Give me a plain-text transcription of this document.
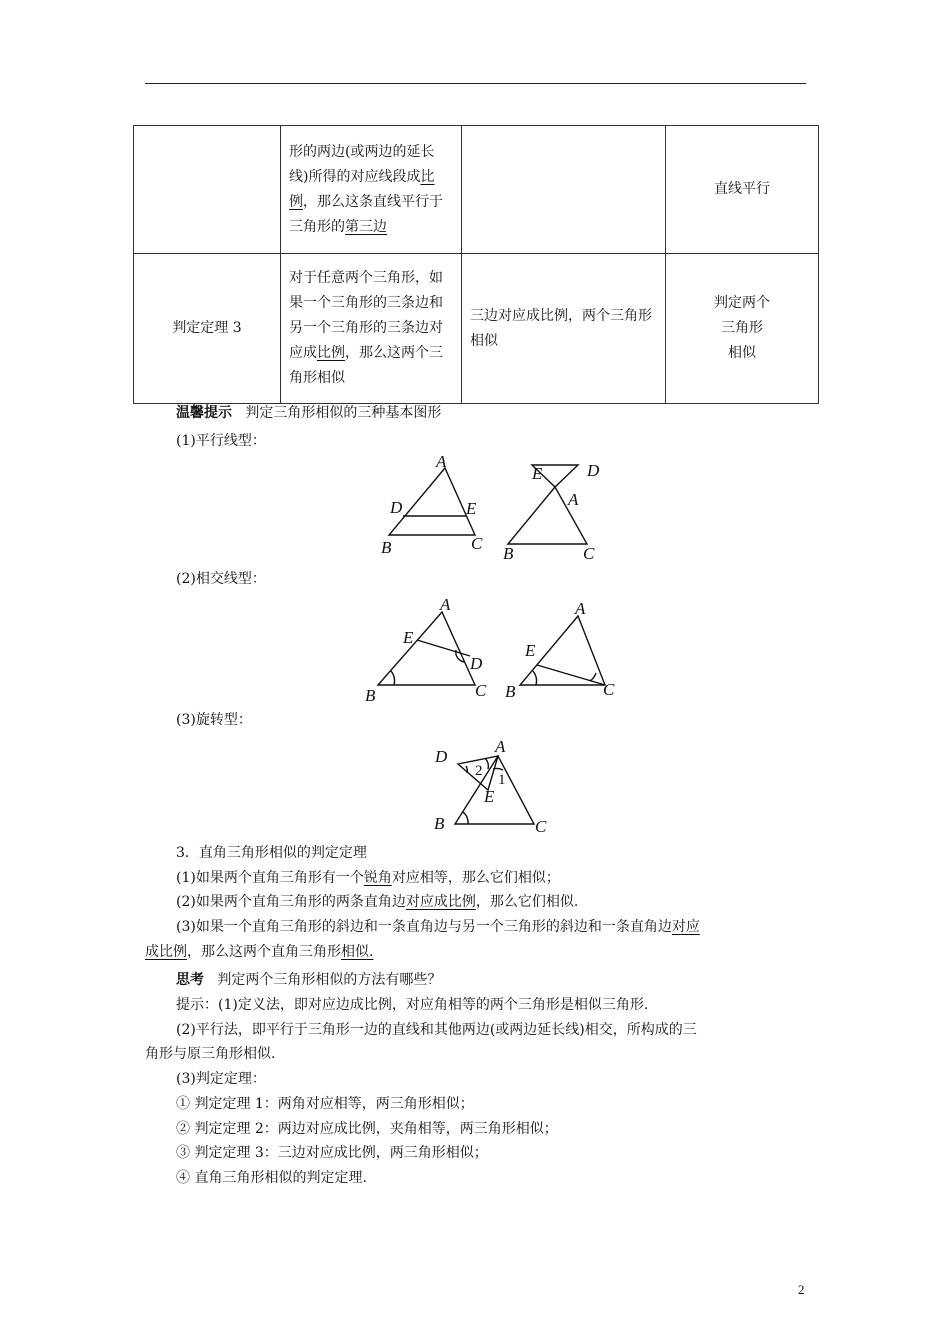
	形的两边(或两边的延长线)所得的对应线段成比例，那么这条直线平行于三角形的第三边		直线平行
判定定理 3	对于任意两个三角形，如果一个三角形的三条边和另一个三角形的三条边对应成比例，那么这两个三角形相似	三边对应成比例，两个三角形相似	判定两个
三角形
相似
温馨提示 判定三角形相似的三种基本图形
(1)平行线型：
A
D	E
B	C
E	D
A
B	C
(2)相交线型：
A
E
D
B	C
A
E
B	C
(3)旋转型：
D
A
E
B	C
2
1
3．直角三角形相似的判定定理
(1)如果两个直角三角形有一个锐角对应相等，那么它们相似；
(2)如果两个直角三角形的两条直角边对应成比例，那么它们相似.
(3)如果一个直角三角形的斜边和一条直角边与另一个三角形的斜边和一条直角边对应
成比例，那么这两个直角三角形相似.
思考 判定两个三角形相似的方法有哪些？
提示：(1)定义法，即对应边成比例，对应角相等的两个三角形是相似三角形.
(2)平行法，即平行于三角形一边的直线和其他两边(或两边延长线)相交，所构成的三
角形与原三角形相似.
(3)判定定理：
① 判定定理 1：两角对应相等，两三角形相似；
② 判定定理 2：两边对应成比例，夹角相等，两三角形相似；
③ 判定定理 3：三边对应成比例，两三角形相似；
④ 直角三角形相似的判定定理.
2
